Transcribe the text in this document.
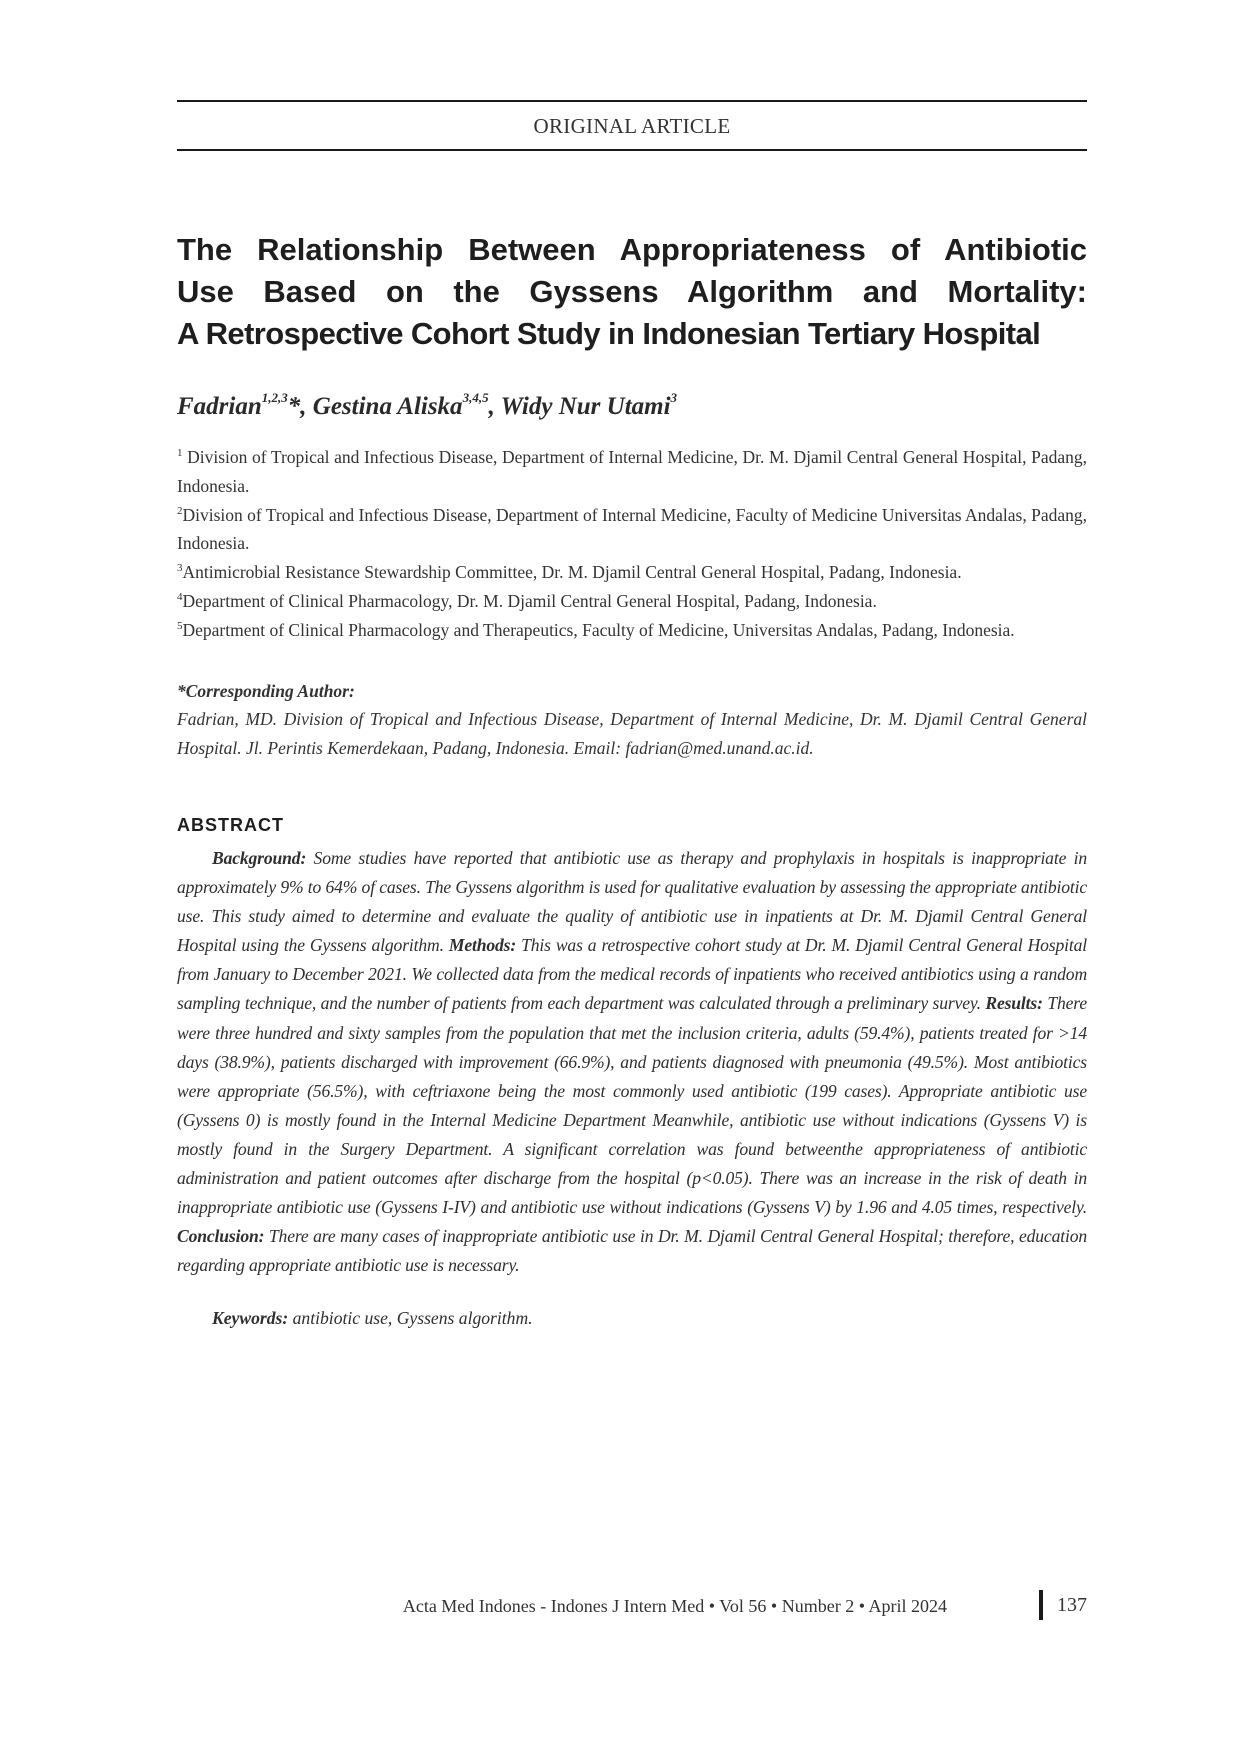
ORIGINAL ARTICLE
The Relationship Between Appropriateness of Antibiotic
Use Based on the Gyssens Algorithm and Mortality:
A Retrospective Cohort Study in Indonesian Tertiary Hospital
Fadrian$^{1,2,3}$*, Gestina Aliska$^{3,4,5}$, Widy Nur Utami$^3$

$^1$ Division of Tropical and Infectious Disease, Department of Internal Medicine, Dr. M. Djamil Central General Hospital, Padang, Indonesia.

$^2$Division of Tropical and Infectious Disease, Department of Internal Medicine, Faculty of Medicine Universitas Andalas, Padang, Indonesia.

$^3$Antimicrobial Resistance Stewardship Committee, Dr. M. Djamil Central General Hospital, Padang, Indonesia.

$^4$Department of Clinical Pharmacology, Dr. M. Djamil Central General Hospital, Padang, Indonesia.

$^5$Department of Clinical Pharmacology and Therapeutics, Faculty of Medicine, Universitas Andalas, Padang, Indonesia.

*Corresponding Author:
Fadrian, MD. Division of Tropical and Infectious Disease, Department of Internal Medicine, Dr. M. Djamil Central General Hospital. Jl. Perintis Kemerdekaan, Padang, Indonesia. Email: fadrian@med.unand.ac.id.
ABSTRACT
Background: Some studies have reported that antibiotic use as therapy and prophylaxis in hospitals is inappropriate in approximately 9% to 64% of cases. The Gyssens algorithm is used for qualitative evaluation by assessing the appropriate antibiotic use. This study aimed to determine and evaluate the quality of antibiotic use in inpatients at Dr. M. Djamil Central General Hospital using the Gyssens algorithm. Methods: This was a retrospective cohort study at Dr. M. Djamil Central General Hospital from January to December 2021. We collected data from the medical records of inpatients who received antibiotics using a random sampling technique, and the number of patients from each department was calculated through a preliminary survey. Results: There were three hundred and sixty samples from the population that met the inclusion criteria, adults (59.4%), patients treated for >14 days (38.9%), patients discharged with improvement (66.9%), and patients diagnosed with pneumonia (49.5%). Most antibiotics were appropriate (56.5%), with ceftriaxone being the most commonly used antibiotic (199 cases). Appropriate antibiotic use (Gyssens 0) is mostly found in the Internal Medicine Department Meanwhile, antibiotic use without indications (Gyssens V) is mostly found in the Surgery Department. A significant correlation was found betweenthe appropriateness of antibiotic administration and patient outcomes after discharge from the hospital (p<0.05). There was an increase in the risk of death in inappropriate antibiotic use (Gyssens I-IV) and antibiotic use without indications (Gyssens V) by 1.96 and 4.05 times, respectively. Conclusion: There are many cases of inappropriate antibiotic use in Dr. M. Djamil Central General Hospital; therefore, education regarding appropriate antibiotic use is necessary.
Keywords: antibiotic use, Gyssens algorithm.
Acta Med Indones - Indones J Intern Med • Vol 56 • Number 2 • April 2024	137
